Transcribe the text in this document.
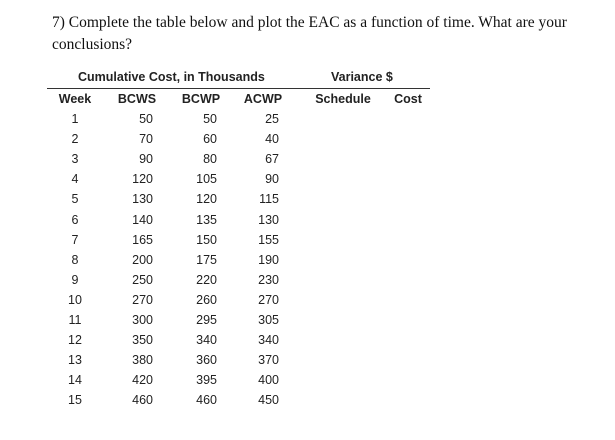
7) Complete the table below and plot the EAC as a function of time. What are your conclusions?
Cumulative Cost, in Thousands	Variance $
Week	BCWS	BCWP	ACWP	Schedule	Cost
1	50	50	25
2	70	60	40
3	90	80	67
4	120	105	90
5	130	120	115
6	140	135	130
7	165	150	155
8	200	175	190
9	250	220	230
10	270	260	270
11	300	295	305
12	350	340	340
13	380	360	370
14	420	395	400
15	460	460	450
